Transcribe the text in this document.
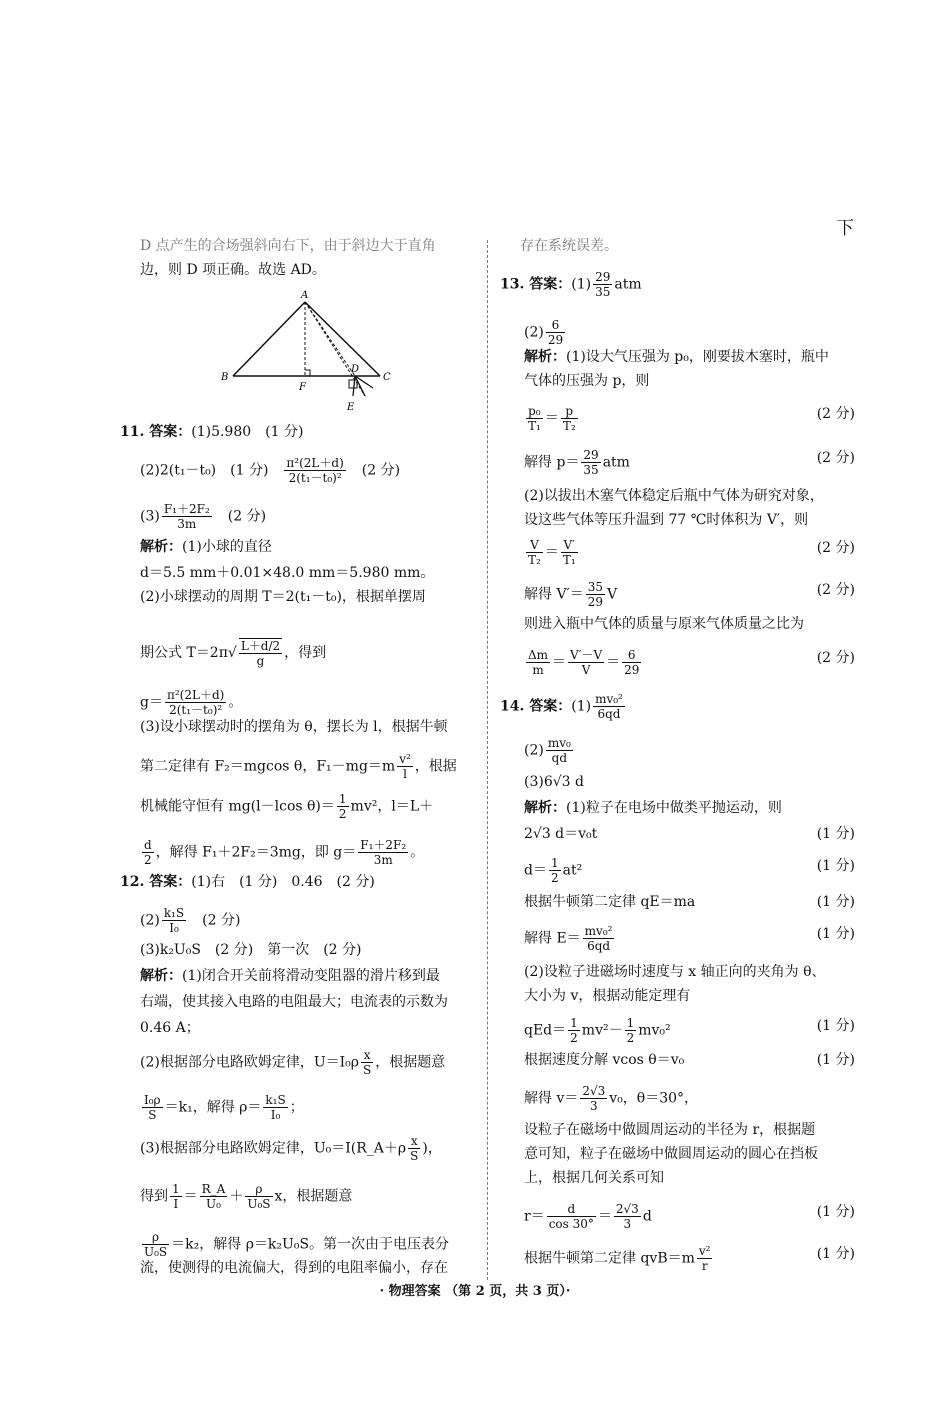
下
D 点产生的合场强斜向右下，由于斜边大于直角
边，则 D 项正确。故选 AD。
A
B	C
D
E
F
11. 答案：(1)5.980　(1 分)
(2)2(t₁－t₀)　(1 分)　 $\frac{\text{π²(2L＋d)}}{\text{2(t₁－t₀)²}}$
　 (2 分)
$(3) \frac{\text{F₁＋2F₂}}{3m}$
　 (2 分)
解析：(1)小球的直径
d＝5.5 mm＋0.01×48.0 mm＝5.980 mm。
(2)小球摆动的周期 T＝2(t₁－t₀)，根据单摆周
期公式 $T=2\pi√ \frac{L+d/2}{g}$ ，得到
$g= \frac{\text{π²(2L＋d)}}{\text{2(t₁－t₀)²}}$ 。
(3)设小球摆动时的摆角为 θ，摆长为 l，根据牛顿
第二定律有 F₂＝mgcos θ，$F_1-mg=m \frac{\text{v²}}{l}$ ，根据
机械能守恒有 mg(l－lcos $\theta)= \frac{1}{2} mv^2$，l＝L＋
$\frac{d}{2}$ ，解得 F₁＋2F₂＝3mg，即 $g= \frac{\text{F₁＋2F₂}}{3m}$ 。
12. 答案：(1)右　(1 分)　0.46　(2 分)
$(2) \frac{\text{k₁S}}{\text{I₀}}$
　 (2 分)
(3)k₂U₀S　(2 分)　第一次　(2 分)
解析：(1)闭合开关前将滑动变阻器的滑片移到最
右端，使其接入电路的电阻最大；电流表的示数为
0.46 A；
(2)根据部分电路欧姆定律，$U=I_0\rho \frac{x}{S}$ ，根据题意
$\frac{\text{I₀ρ}}{S} =k_1$，解得 $\rho= \frac{\text{k₁S}}{\text{I₀}}$ ；
(3)根据部分电路欧姆定律，U₀＝I(R_A＋ρ $\frac{x}{S}$ )，
得到 $\frac{1}{I} = \frac{R\_A}{\text{U₀}} + \frac{\rho}{\text{U₀S}}$ x，根据题意
$\frac{\rho}{\text{U₀S}} =k_2$，解得 ρ＝k₂U₀S。第一次由于电压表分
流，使测得的电流偏大，得到的电阻率偏小，存在
存在系统误差。
13. 答案：$(1) \frac{29}{35}$ atm
$(2) \frac{6}{29}$
解析：(1)设大气压强为 p₀，刚要拔木塞时，瓶中
气体的压强为 p，则
$\frac{\text{p₀}}{\text{T₁}} = \frac{p}{\text{T₂}}$	(2 分)
解得 $p= \frac{29}{35}$ atm	(2 分)
(2)以拔出木塞气体稳定后瓶中气体为研究对象，
设这些气体等压升温到 77 ℃时体积为 V′，则
$\frac{V}{\text{T₂}} = \frac{V'}{\text{T₁}}$	(2 分)
解得 $V'= \frac{35}{29}$ V	(2 分)
则进入瓶中气体的质量与原来气体质量之比为
$\frac{\Delta m}{m} = \frac{V'-V}{V} = \frac{6}{29}$	(2 分)
14. 答案：$(1) \frac{\text{mv₀²}}{6qd}$
$(2) \frac{\text{mv₀}}{qd}$
(3)6√3 d
解析：(1)粒子在电场中做类平抛运动，则
2√3 d＝v₀t	(1 分)
$d= \frac{1}{2} at^2$	(1 分)
根据牛顿第二定律 qE＝ma	(1 分)
解得 $E= \frac{\text{mv₀²}}{6qd}$	(1 分)
(2)设粒子进磁场时速度与 x 轴正向的夹角为 θ、
大小为 v，根据动能定理有
$qEd= \frac{1}{2} mv^2- \frac{1}{2} mv_0^2$	(1 分)
根据速度分解 vcos θ＝v₀	(1 分)
解得 $v= \frac{2√3}{3} v_0$，θ＝30°，
设粒子在磁场中做圆周运动的半径为 r，根据题
意可知，粒子在磁场中做圆周运动的圆心在挡板
上，根据几何关系可知
$r= \frac{d}{\cos 30^\circ} = \frac{2√3}{3}$ d	(1 分)
根据牛顿第二定律 $qvB=m \frac{\text{v²}}{r}$	(1 分)
· 物理答案 （第 2 页，共 3 页）·
